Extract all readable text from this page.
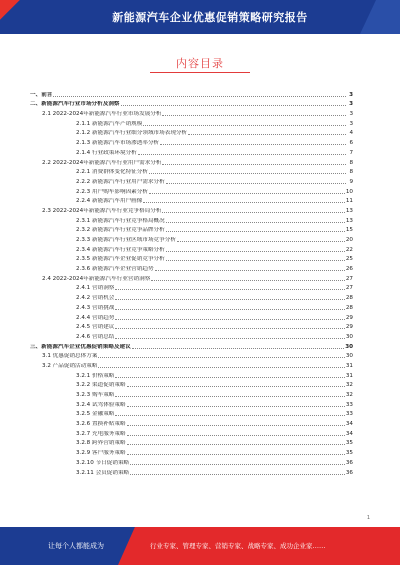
新能源汽车企业优惠促销策略研究报告
内容目录
一、前言	3
二、新能源汽车行业市场分析及洞察	3
2.1 2022-2024年新能源汽车行业市场发展分析	3
2.1.1 新能源汽车产销规模	3
2.1.2 新能源汽车行业细分领域市场表现分析	4
2.1.3 新能源汽车市场渗透率分析	6
2.1.4 行业政策环境分析	7
2.2 2022-2024年新能源汽车行业用户需求分析	8
2.2.1 消费群体变化特征分析	8
2.2.2 新能源汽车行业用户需求分析	9
2.2.3 用户购车影响因素分析	10
2.2.4 新能源汽车用户画像	11
2.3 2022-2024年新能源汽车行业竞争格局分析	13
2.3.1 新能源汽车行业竞争格局概况	13
2.3.2 新能源汽车行业竞争品牌分析	15
2.3.3 新能源汽车行业区域市场竞争分析	20
2.3.4 新能源汽车行业竞争策略分析	22
2.3.5 新能源汽车企业促销竞争分析	25
2.3.6 新能源汽车企业营销趋势	26
2.4 2022-2024年新能源汽车行业营销洞察	27
2.4.1 营销洞察	27
2.4.2 营销机会	28
2.4.3 营销挑战	28
2.4.4 营销趋势	29
2.4.5 营销建议	29
2.4.6 营销总结	30
三、新能源汽车企业优惠促销策略及建议	30
3.1 优惠促销总体方案	30
3.2 产品促销活动策略	31
3.2.1 价格策略	31
3.2.2 渠道促销策略	32
3.2.3 购车策略	32
3.2.4 试驾体验策略	33
3.2.5 金融策略	33
3.2.6 置换补贴策略	34
3.2.7 充电服务策略	34
3.2.8 跨界营销策略	35
3.2.9 客户服务策略	35
3.2.10 节日促销策略	36
3.2.11 会员促销策略	36
1
让每个人都能成为	行业专家、管理专家、营销专家、战略专家、成功企业家……
